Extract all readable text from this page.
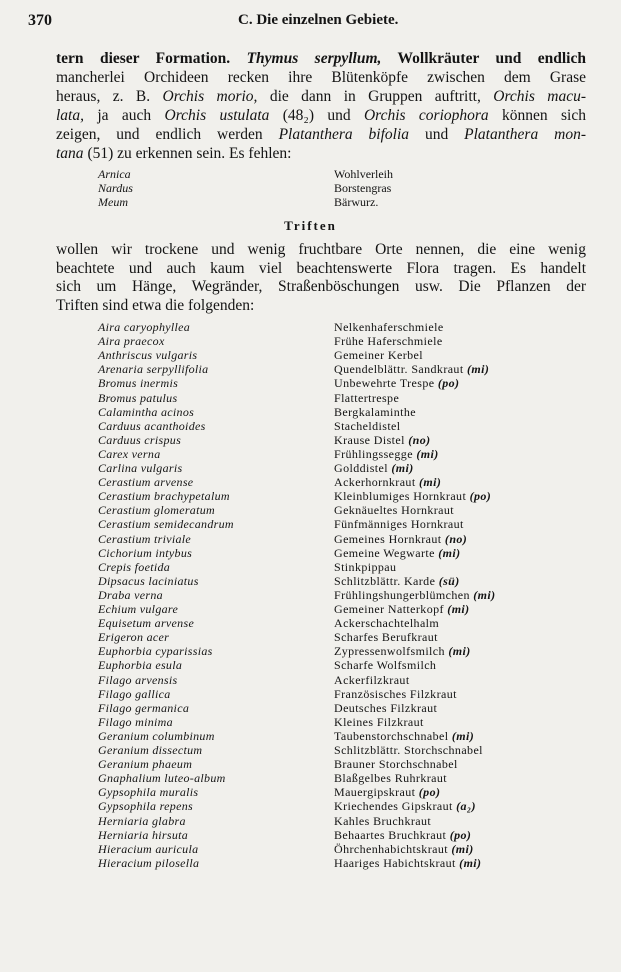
370	C. Die einzelnen Gebiete.
tern dieser Formation. Thymus serpyllum, Wollkräuter und endlich
mancherlei Orchideen recken ihre Blütenköpfe zwischen dem Grase
heraus, z. B. Orchis morio, die dann in Gruppen auftritt, Orchis macu-
lata, ja auch Orchis ustulata (48₂) und Orchis coriophora können sich
zeigen, und endlich werden Platanthera bifolia und Platanthera mon-
tana (51) zu erkennen sein. Es fehlen:
Arnica	Wohlverleih
Nardus	Borstengras
Meum	Bärwurz.
Triften
wollen wir trockene und wenig fruchtbare Orte nennen, die eine wenig
beachtete und auch kaum viel beachtenswerte Flora tragen. Es handelt
sich um Hänge, Wegränder, Straßenböschungen usw. Die Pflanzen der
Triften sind etwa die folgenden:
Aira caryophyllea	Nelkenhaferschmiele
Aira praecox	Frühe Haferschmiele
Anthriscus vulgaris	Gemeiner Kerbel
Arenaria serpyllifolia	Quendelblättr. Sandkraut (mi)
Bromus inermis	Unbewehrte Trespe (po)
Bromus patulus	Flattertrespe
Calamintha acinos	Bergkalaminthe
Carduus acanthoides	Stacheldistel
Carduus crispus	Krause Distel (no)
Carex verna	Frühlingssegge (mi)
Carlina vulgaris	Golddistel (mi)
Cerastium arvense	Ackerhornkraut (mi)
Cerastium brachypetalum	Kleinblumiges Hornkraut (po)
Cerastium glomeratum	Geknäueltes Hornkraut
Cerastium semidecandrum	Fünfmänniges Hornkraut
Cerastium triviale	Gemeines Hornkraut (no)
Cichorium intybus	Gemeine Wegwarte (mi)
Crepis foetida	Stinkpippau
Dipsacus laciniatus	Schlitzblättr. Karde (sü)
Draba verna	Frühlingshungerblümchen (mi)
Echium vulgare	Gemeiner Natterkopf (mi)
Equisetum arvense	Ackerschachtelhalm
Erigeron acer	Scharfes Berufkraut
Euphorbia cyparissias	Zypressenwolfsmilch (mi)
Euphorbia esula	Scharfe Wolfsmilch
Filago arvensis	Ackerfilzkraut
Filago gallica	Französisches Filzkraut
Filago germanica	Deutsches Filzkraut
Filago minima	Kleines Filzkraut
Geranium columbinum	Taubenstorchschnabel (mi)
Geranium dissectum	Schlitzblättr. Storchschnabel
Geranium phaeum	Brauner Storchschnabel
Gnaphalium luteo-album	Blaßgelbes Ruhrkraut
Gypsophila muralis	Mauergipskraut (po)
Gypsophila repens	Kriechendes Gipskraut (a₂)
Herniaria glabra	Kahles Bruchkraut
Herniaria hirsuta	Behaartes Bruchkraut (po)
Hieracium auricula	Öhrchenhabichtskraut (mi)
Hieracium pilosella	Haariges Habichtskraut (mi)
